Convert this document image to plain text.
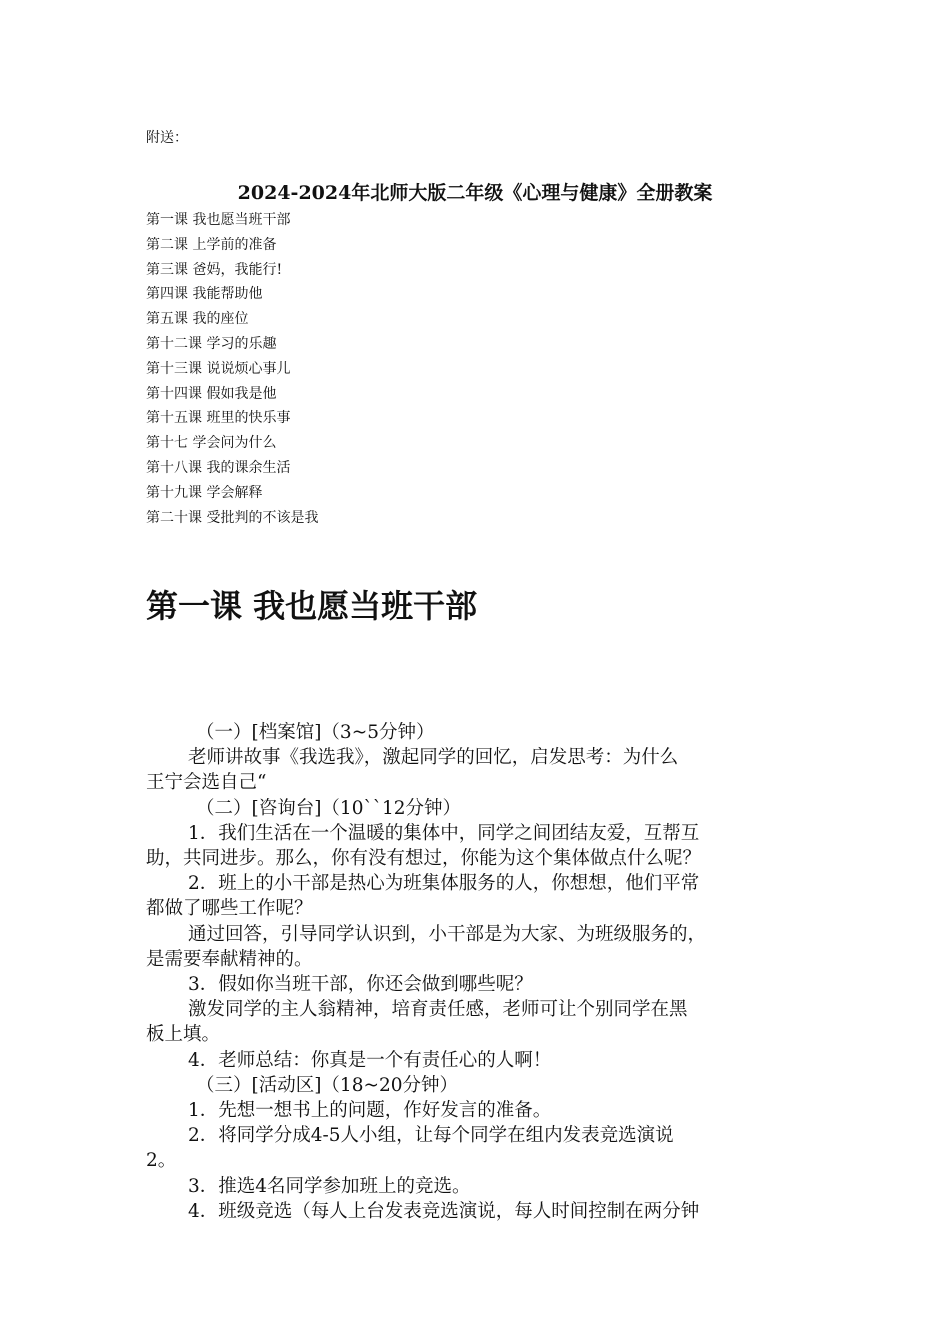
附送：

2024-2024年北师大版二年级《心理与健康》全册教案
第一课 我也愿当班干部
第二课 上学前的准备
第三课 爸妈，我能行!
第四课 我能帮助他
第五课 我的座位
第十二课 学习的乐趣
第十三课 说说烦心事儿
第十四课 假如我是他
第十五课 班里的快乐事
第十七 学会问为什么
第十八课 我的课余生活
第十九课 学会解释
第二十课 受批判的不该是我
第一课 我也愿当班干部

（一）[档案馆]（3~5分钟）

老师讲故事《我选我》，激起同学的回忆，启发思考：为什么

王宁会选自己“

（二）[咨询台]（10``12分钟）

1．我们生活在一个温暖的集体中，同学之间团结友爱，互帮互

助，共同进步。那么，你有没有想过，你能为这个集体做点什么呢？

2．班上的小干部是热心为班集体服务的人，你想想，他们平常

都做了哪些工作呢？

通过回答，引导同学认识到，小干部是为大家、为班级服务的，

是需要奉献精神的。

3．假如你当班干部，你还会做到哪些呢？

激发同学的主人翁精神，培育责任感，老师可让个别同学在黑

板上填。

4．老师总结：你真是一个有责任心的人啊！

（三）[活动区]（18~20分钟）

1．先想一想书上的问题，作好发言的准备。

2．将同学分成4-5人小组，让每个同学在组内发表竞选演说

2。

3．推选4名同学参加班上的竞选。

4．班级竞选（每人上台发表竞选演说，每人时间控制在两分钟
